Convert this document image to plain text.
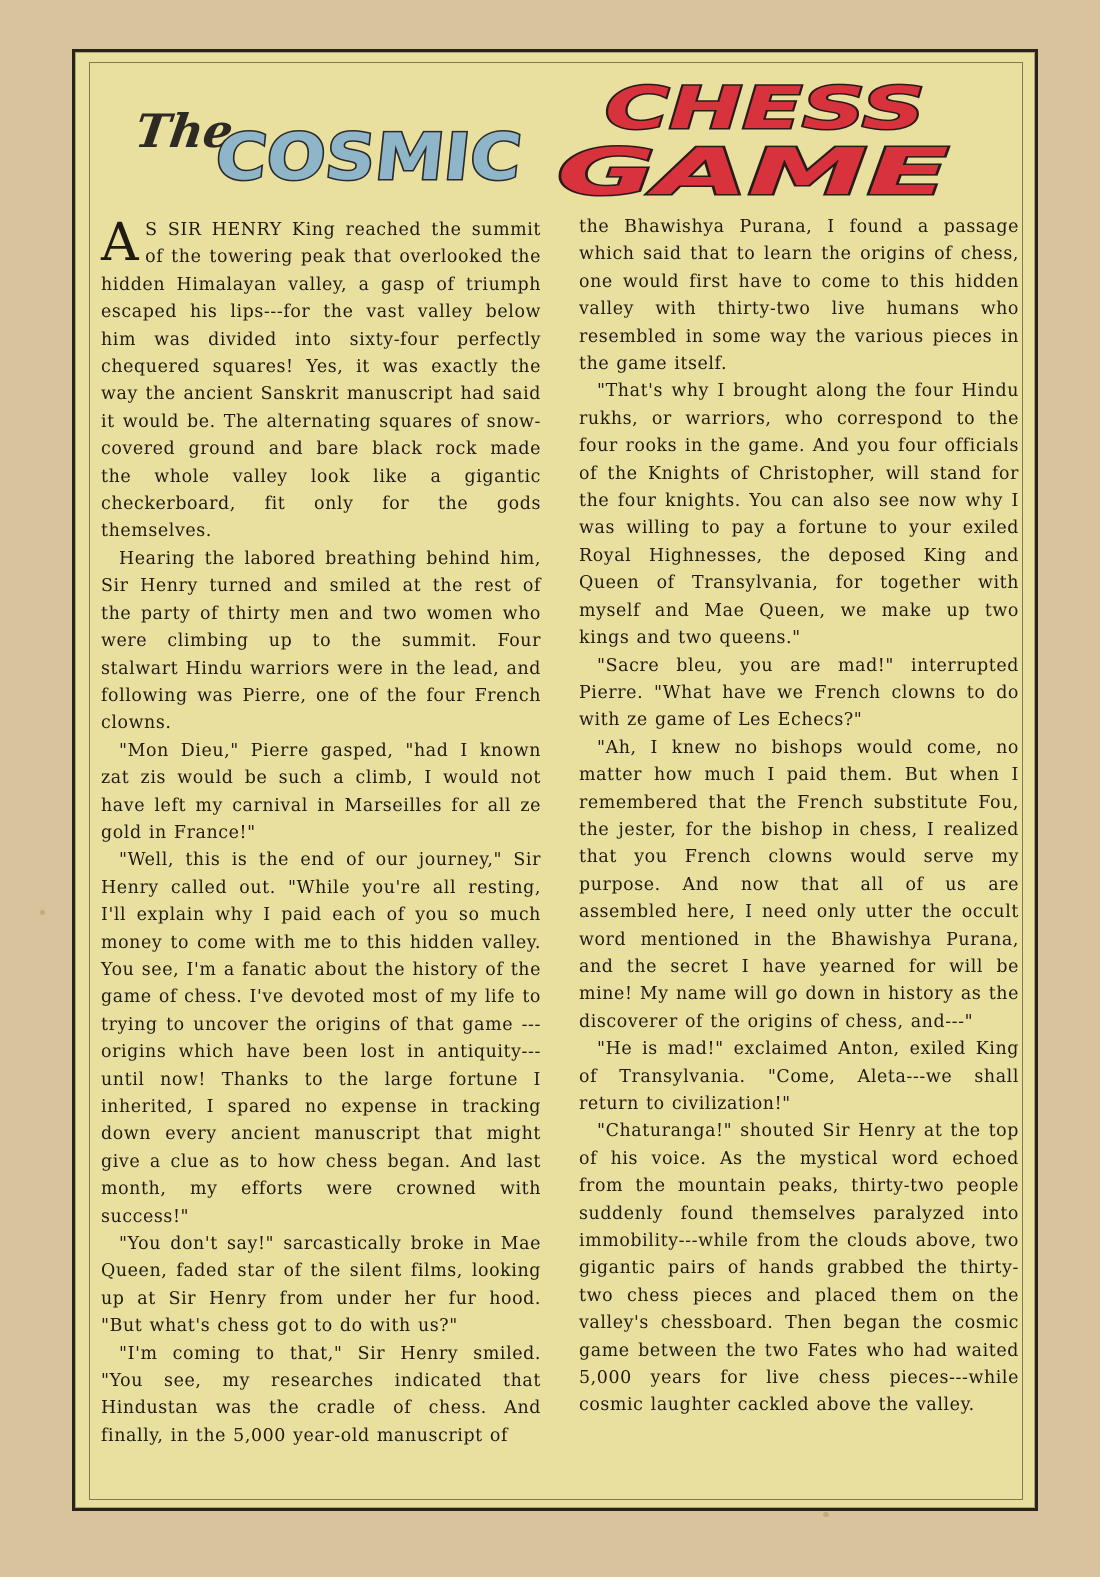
The
COSMIC
CHESS
GAME

A S SIR HENRY King reached the summit of the towering peak that overlooked the hidden Himalayan valley, a gasp of triumph escaped his lips---for the vast valley below him was divided into sixty-four perfectly chequered squares! Yes, it was exactly the way the ancient Sanskrit manuscript had said it would be. The alternating squares of snow-covered ground and bare black rock made the whole valley look like a gigantic checkerboard, fit only for the gods themselves.

Hearing the labored breathing behind him, Sir Henry turned and smiled at the rest of the party of thirty men and two women who were climbing up to the summit. Four stalwart Hindu warriors were in the lead, and following was Pierre, one of the four French clowns.

"Mon Dieu," Pierre gasped, "had I known zat zis would be such a climb, I would not have left my carnival in Marseilles for all ze gold in France!"

"Well, this is the end of our journey," Sir Henry called out. "While you're all resting, I'll explain why I paid each of you so much money to come with me to this hidden valley. You see, I'm a fanatic about the history of the game of chess. I've devoted most of my life to trying to uncover the origins of that game --- origins which have been lost in antiquity---until now! Thanks to the large fortune I inherited, I spared no expense in tracking down every ancient manuscript that might give a clue as to how chess began. And last month, my efforts were crowned with success!"

"You don't say!" sarcastically broke in Mae Queen, faded star of the silent films, looking up at Sir Henry from under her fur hood. "But what's chess got to do with us?"

"I'm coming to that," Sir Henry smiled. "You see, my researches indicated that Hindustan was the cradle of chess. And finally, in the 5,000 year-old manuscript of

the Bhawishya Purana, I found a passage which said that to learn the origins of chess, one would first have to come to this hidden valley with thirty-two live humans who resembled in some way the various pieces in the game itself.

"That's why I brought along the four Hindu rukhs, or warriors, who correspond to the four rooks in the game. And you four officials of the Knights of Christopher, will stand for the four knights. You can also see now why I was willing to pay a fortune to your exiled Royal Highnesses, the deposed King and Queen of Transylvania, for together with myself and Mae Queen, we make up two kings and two queens."

"Sacre bleu, you are mad!" interrupted Pierre. "What have we French clowns to do with ze game of Les Echecs?"

"Ah, I knew no bishops would come, no matter how much I paid them. But when I remembered that the French substitute Fou, the jester, for the bishop in chess, I realized that you French clowns would serve my purpose. And now that all of us are assembled here, I need only utter the occult word mentioned in the Bhawishya Purana, and the secret I have yearned for will be mine! My name will go down in history as the discoverer of the origins of chess, and---"

"He is mad!" exclaimed Anton, exiled King of Transylvania. "Come, Aleta---we shall return to civilization!"

"Chaturanga!" shouted Sir Henry at the top of his voice. As the mystical word echoed from the mountain peaks, thirty-two people suddenly found themselves paralyzed into immobility---while from the clouds above, two gigantic pairs of hands grabbed the thirty-two chess pieces and placed them on the valley's chessboard. Then began the cosmic game between the two Fates who had waited 5,000 years for live chess pieces---while cosmic laughter cackled above the valley.
